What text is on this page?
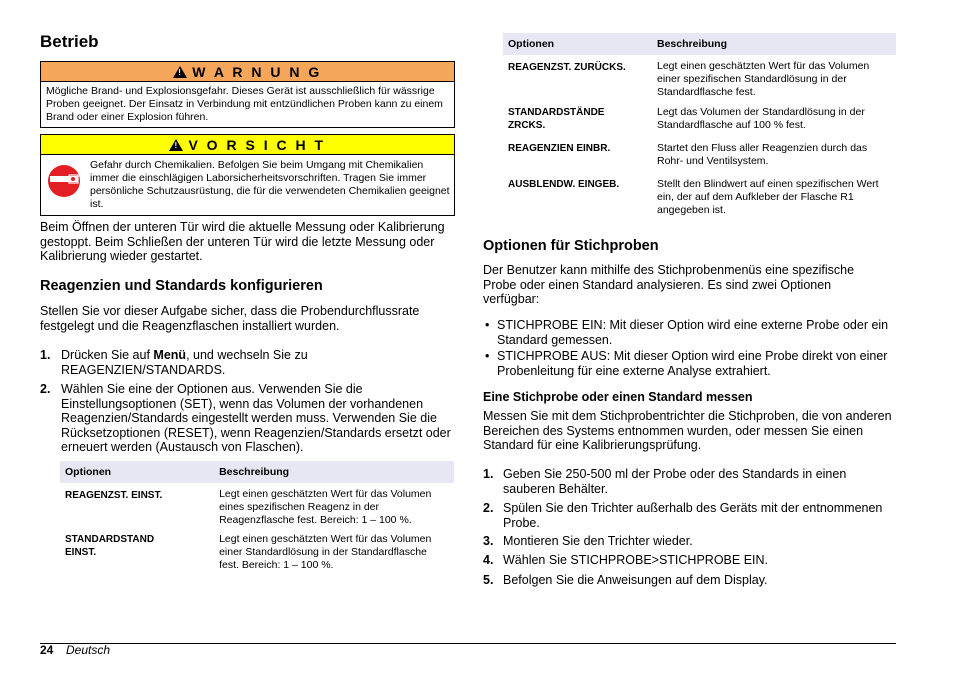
Betrieb
!
W A R N U N G
Mögliche Brand- und Explosionsgefahr. Dieses Gerät ist ausschließlich für wässrige Proben geeignet. Der Einsatz in Verbindung mit entzündlichen Proben kann zu einem Brand oder einer Explosion führen.
!
V O R S I C H T
Gefahr durch Chemikalien. Befolgen Sie beim Umgang mit Chemikalien immer die einschlägigen Laborsicherheitsvorschriften. Tragen Sie immer persönliche Schutzausrüstung, die für die verwendeten Chemikalien geeignet ist.

Beim Öffnen der unteren Tür wird die aktuelle Messung oder Kalibrierung gestoppt. Beim Schließen der unteren Tür wird die letzte Messung oder Kalibrierung wieder gestartet.

Reagenzien und Standards konfigurieren

Stellen Sie vor dieser Aufgabe sicher, dass die Probendurchflussrate festgelegt und die Reagenzflaschen installiert wurden.

1. Drücken Sie auf Menü, und wechseln Sie zu REAGENZIEN/STANDARDS.

2. Wählen Sie eine der Optionen aus. Verwenden Sie die Einstellungsoptionen (SET), wenn das Volumen der vorhandenen Reagenzien/Standards eingestellt werden muss. Verwenden Sie die Rücksetzoptionen (RESET), wenn Reagenzien/Standards ersetzt oder erneuert werden (Austausch von Flaschen).

Optionen	Beschreibung
REAGENZST. EINST.	Legt einen geschätzten Wert für das Volumen eines spezifischen Reagenz in der Reagenzflasche fest. Bereich: 1 – 100 %.
STANDARDSTAND EINST.	Legt einen geschätzten Wert für das Volumen einer Standardlösung in der Standardflasche fest. Bereich: 1 – 100 %.
Optionen	Beschreibung
REAGENZST. ZURÜCKS.	Legt einen geschätzten Wert für das Volumen einer spezifischen Standardlösung in der Standardflasche fest.
STANDARDSTÄNDE ZRCKS.	Legt das Volumen der Standardlösung in der Standardflasche auf 100 % fest.
REAGENZIEN EINBR.	Startet den Fluss aller Reagenzien durch das Rohr- und Ventilsystem.
AUSBLENDW. EINGEB.	Stellt den Blindwert auf einen spezifischen Wert ein, der auf dem Aufkleber der Flasche R1 angegeben ist.
Optionen für Stichproben

Der Benutzer kann mithilfe des Stichprobenmenüs eine spezifische Probe oder einen Standard analysieren. Es sind zwei Optionen verfügbar:

• STICHPROBE EIN: Mit dieser Option wird eine externe Probe oder ein Standard gemessen.

• STICHPROBE AUS: Mit dieser Option wird eine Probe direkt von einer Probenleitung für eine externe Analyse extrahiert.

Eine Stichprobe oder einen Standard messen

Messen Sie mit dem Stichprobentrichter die Stichproben, die von anderen Bereichen des Systems entnommen wurden, oder messen Sie einen Standard für eine Kalibrierungsprüfung.

1. Geben Sie 250-500 ml der Probe oder des Standards in einen sauberen Behälter.

2. Spülen Sie den Trichter außerhalb des Geräts mit der entnommenen Probe.

3. Montieren Sie den Trichter wieder.

4. Wählen Sie STICHPROBE>STICHPROBE EIN.

5. Befolgen Sie die Anweisungen auf dem Display.

24 Deutsch
